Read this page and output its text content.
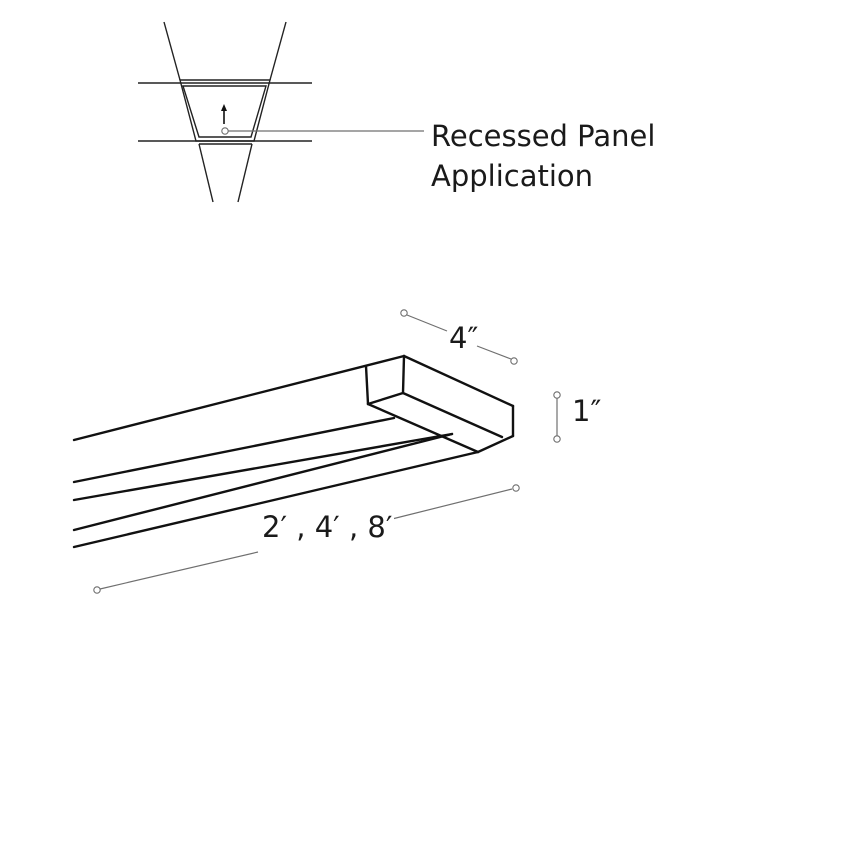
Recessed Panel
Application
4″
1″
2′ , 4′ , 8′
